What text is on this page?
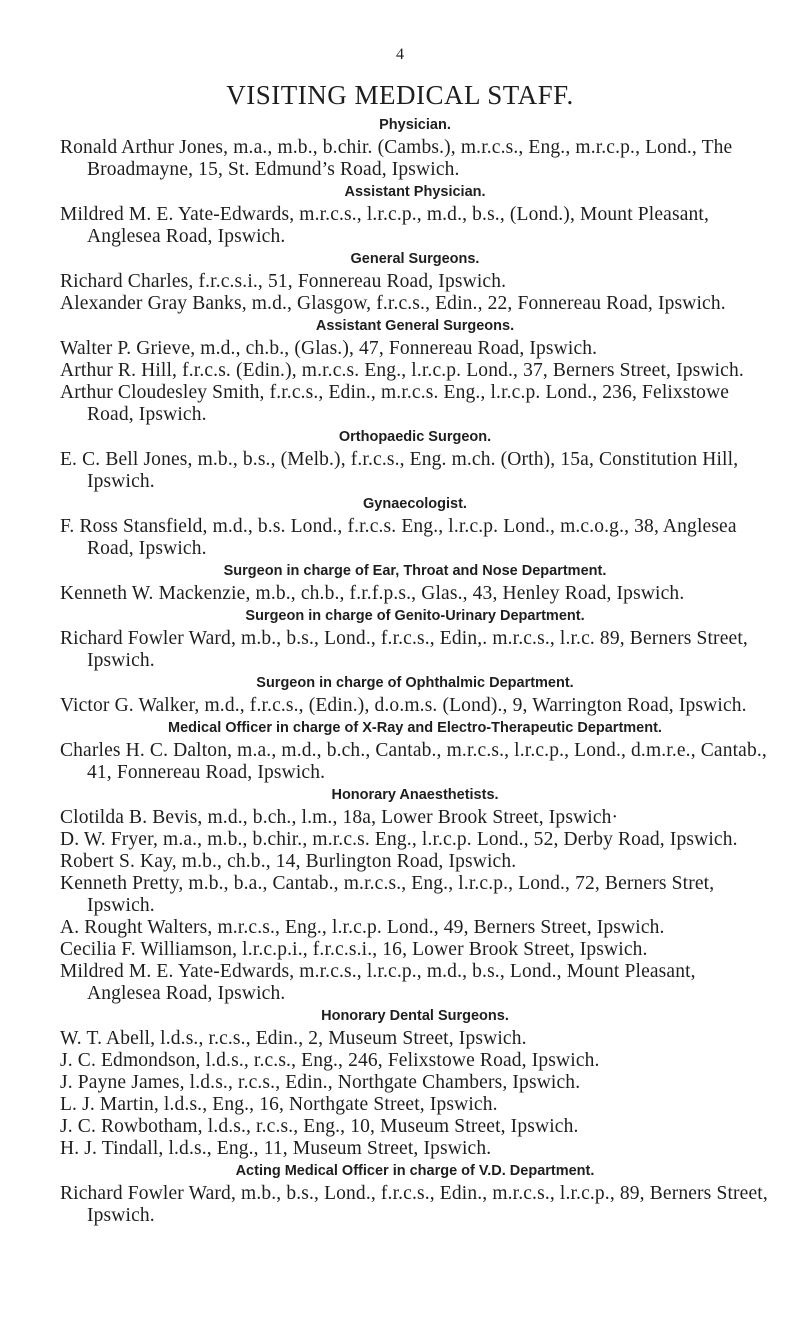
4
VISITING MEDICAL STAFF.
Physician.

Ronald Arthur Jones, m.a., m.b., b.chir. (Cambs.), m.r.c.s., Eng., m.r.c.p., Lond., The Broadmayne, 15, St. Edmund’s Road, Ipswich.

Assistant Physician.

Mildred M. E. Yate-Edwards, m.r.c.s., l.r.c.p., m.d., b.s., (Lond.), Mount Pleasant, Anglesea Road, Ipswich.

General Surgeons.

Richard Charles, f.r.c.s.i., 51, Fonnereau Road, Ipswich.

Alexander Gray Banks, m.d., Glasgow, f.r.c.s., Edin., 22, Fonnereau Road, Ipswich.

Assistant General Surgeons.

Walter P. Grieve, m.d., ch.b., (Glas.), 47, Fonnereau Road, Ipswich.

Arthur R. Hill, f.r.c.s. (Edin.), m.r.c.s. Eng., l.r.c.p. Lond., 37, Berners Street, Ipswich.

Arthur Cloudesley Smith, f.r.c.s., Edin., m.r.c.s. Eng., l.r.c.p. Lond., 236, Felixstowe Road, Ipswich.

Orthopaedic Surgeon.

E. C. Bell Jones, m.b., b.s., (Melb.), f.r.c.s., Eng. m.ch. (Orth), 15a, Constitution Hill, Ipswich.

Gynaecologist.

F. Ross Stansfield, m.d., b.s. Lond., f.r.c.s. Eng., l.r.c.p. Lond., m.c.o.g., 38, Anglesea Road, Ipswich.

Surgeon in charge of Ear, Throat and Nose Department.

Kenneth W. Mackenzie, m.b., ch.b., f.r.f.p.s., Glas., 43, Henley Road, Ipswich.

Surgeon in charge of Genito-Urinary Department.

Richard Fowler Ward, m.b., b.s., Lond., f.r.c.s., Edin,. m.r.c.s., l.r.c. 89, Berners Street, Ipswich.

Surgeon in charge of Ophthalmic Department.

Victor G. Walker, m.d., f.r.c.s., (Edin.), d.o.m.s. (Lond)., 9, Warrington Road, Ipswich.

Medical Officer in charge of X-Ray and Electro-Therapeutic Department.

Charles H. C. Dalton, m.a., m.d., b.ch., Cantab., m.r.c.s., l.r.c.p., Lond., d.m.r.e., Cantab., 41, Fonnereau Road, Ipswich.

Honorary Anaesthetists.

Clotilda B. Bevis, m.d., b.ch., l.m., 18a, Lower Brook Street, Ipswich·

D. W. Fryer, m.a., m.b., b.chir., m.r.c.s. Eng., l.r.c.p. Lond., 52, Derby Road, Ipswich.

Robert S. Kay, m.b., ch.b., 14, Burlington Road, Ipswich.

Kenneth Pretty, m.b., b.a., Cantab., m.r.c.s., Eng., l.r.c.p., Lond., 72, Berners Stret, Ipswich.

A. Rought Walters, m.r.c.s., Eng., l.r.c.p. Lond., 49, Berners Street, Ipswich.

Cecilia F. Williamson, l.r.c.p.i., f.r.c.s.i., 16, Lower Brook Street, Ipswich.

Mildred M. E. Yate-Edwards, m.r.c.s., l.r.c.p., m.d., b.s., Lond., Mount Pleasant, Anglesea Road, Ipswich.

Honorary Dental Surgeons.

W. T. Abell, l.d.s., r.c.s., Edin., 2, Museum Street, Ipswich.

J. C. Edmondson, l.d.s., r.c.s., Eng., 246, Felixstowe Road, Ipswich.

J. Payne James, l.d.s., r.c.s., Edin., Northgate Chambers, Ipswich.

L. J. Martin, l.d.s., Eng., 16, Northgate Street, Ipswich.

J. C. Rowbotham, l.d.s., r.c.s., Eng., 10, Museum Street, Ipswich.

H. J. Tindall, l.d.s., Eng., 11, Museum Street, Ipswich.

Acting Medical Officer in charge of V.D. Department.

Richard Fowler Ward, m.b., b.s., Lond., f.r.c.s., Edin., m.r.c.s., l.r.c.p., 89, Berners Street, Ipswich.
